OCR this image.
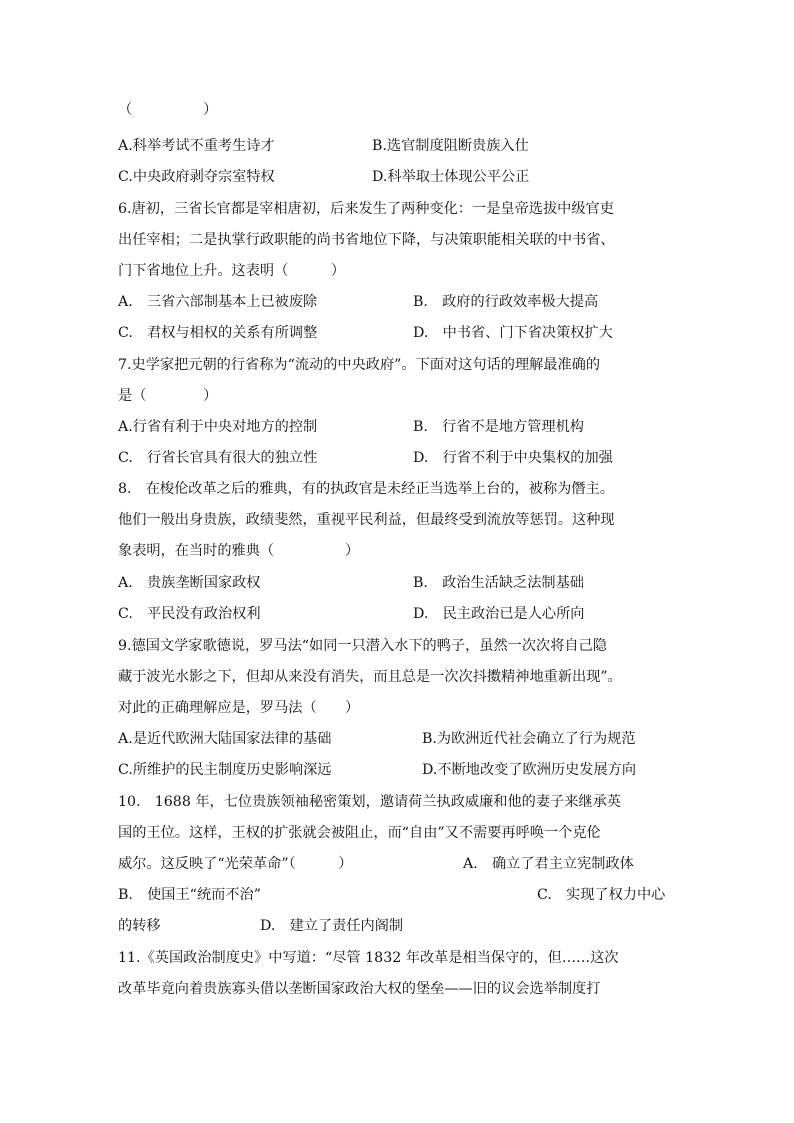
（　　　　　）
A.科举考试不重考生诗才	B.选官制度阻断贵族入仕
C.中央政府剥夺宗室特权	D.科举取士体现公平公正
6.唐初，三省长官都是宰相唐初，后来发生了两种变化：一是皇帝选拔中级官吏
出任宰相；二是执掌行政职能的尚书省地位下降，与决策职能相关联的中书省、
门下省地位上升。这表明（　　　）
A.　三省六部制基本上已被废除	B.　政府的行政效率极大提高
C.　君权与相权的关系有所调整	D.　中书省、门下省决策权扩大
7.史学家把元朝的行省称为“流动的中央政府”。下面对这句话的理解最准确的
是（　　　　）
A.行省有利于中央对地方的控制	B.　行省不是地方管理机构
C.　行省长官具有很大的独立性	D.　行省不利于中央集权的加强
8.　在梭伦改革之后的雅典，有的执政官是未经正当选举上台的，被称为僭主。
他们一般出身贵族，政绩斐然，重视平民利益，但最终受到流放等惩罚。这种现
象表明，在当时的雅典（　　　　　）
A.　贵族垄断国家政权	B.　政治生活缺乏法制基础
C.　平民没有政治权利	D.　民主政治已是人心所向
9.德国文学家歌德说，罗马法“如同一只潜入水下的鸭子，虽然一次次将自己隐
藏于波光水影之下，但却从来没有消失，而且总是一次次抖擞精神地重新出现”。
对此的正确理解应是，罗马法（　　）
A.是近代欧洲大陆国家法律的基础	B.为欧洲近代社会确立了行为规范
C.所维护的民主制度历史影响深远	D.不断地改变了欧洲历史发展方向
10.　1688 年，七位贵族领袖秘密策划，邀请荷兰执政威廉和他的妻子来继承英
国的王位。这样，王权的扩张就会被阻止，而“自由”又不需要再呼唤一个克伦
威尔。这反映了“光荣革命”（　　　）	A.　确立了君主立宪制政体
B.　使国王“统而不治”	C.　实现了权力中心
的转移	D.　建立了责任内阁制
11.《英国政治制度史》中写道：“尽管 1832 年改革是相当保守的，但……这次
改革毕竟向着贵族寡头借以垄断国家政治大权的堡垒——旧的议会选举制度打
